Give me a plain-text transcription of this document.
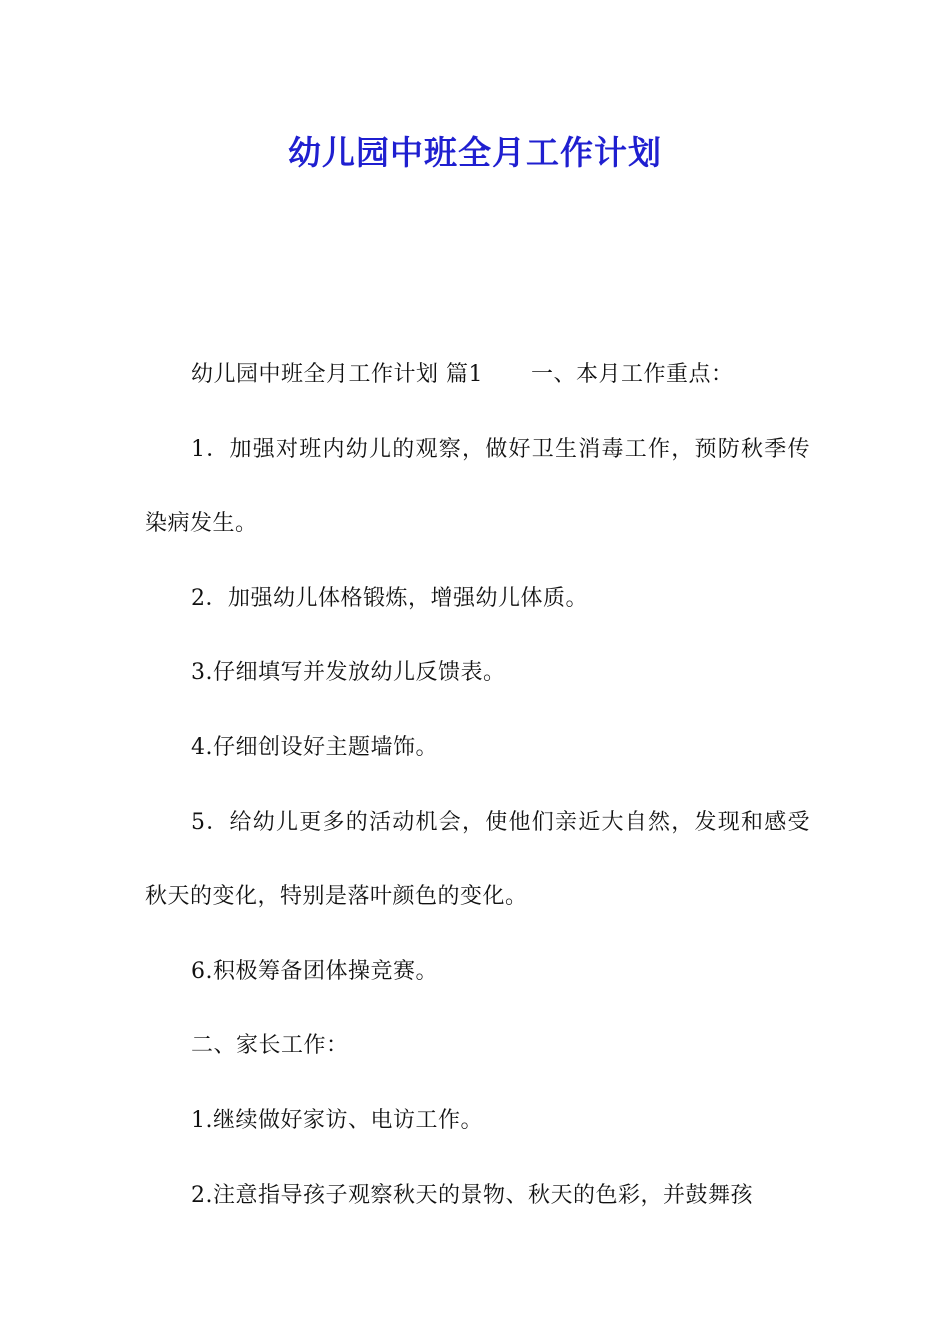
幼儿园中班全月工作计划

幼儿园中班全月工作计划 篇1 一、本月工作重点：

1．加强对班内幼儿的观察，做好卫生消毒工作，预防秋季传染病发生。

2．加强幼儿体格锻炼，增强幼儿体质。

3.仔细填写并发放幼儿反馈表。

4.仔细创设好主题墙饰。

5．给幼儿更多的活动机会，使他们亲近大自然，发现和感受秋天的变化，特别是落叶颜色的变化。

6.积极筹备团体操竞赛。

二、家长工作：

1.继续做好家访、电访工作。

2.注意指导孩子观察秋天的景物、秋天的色彩，并鼓舞孩
